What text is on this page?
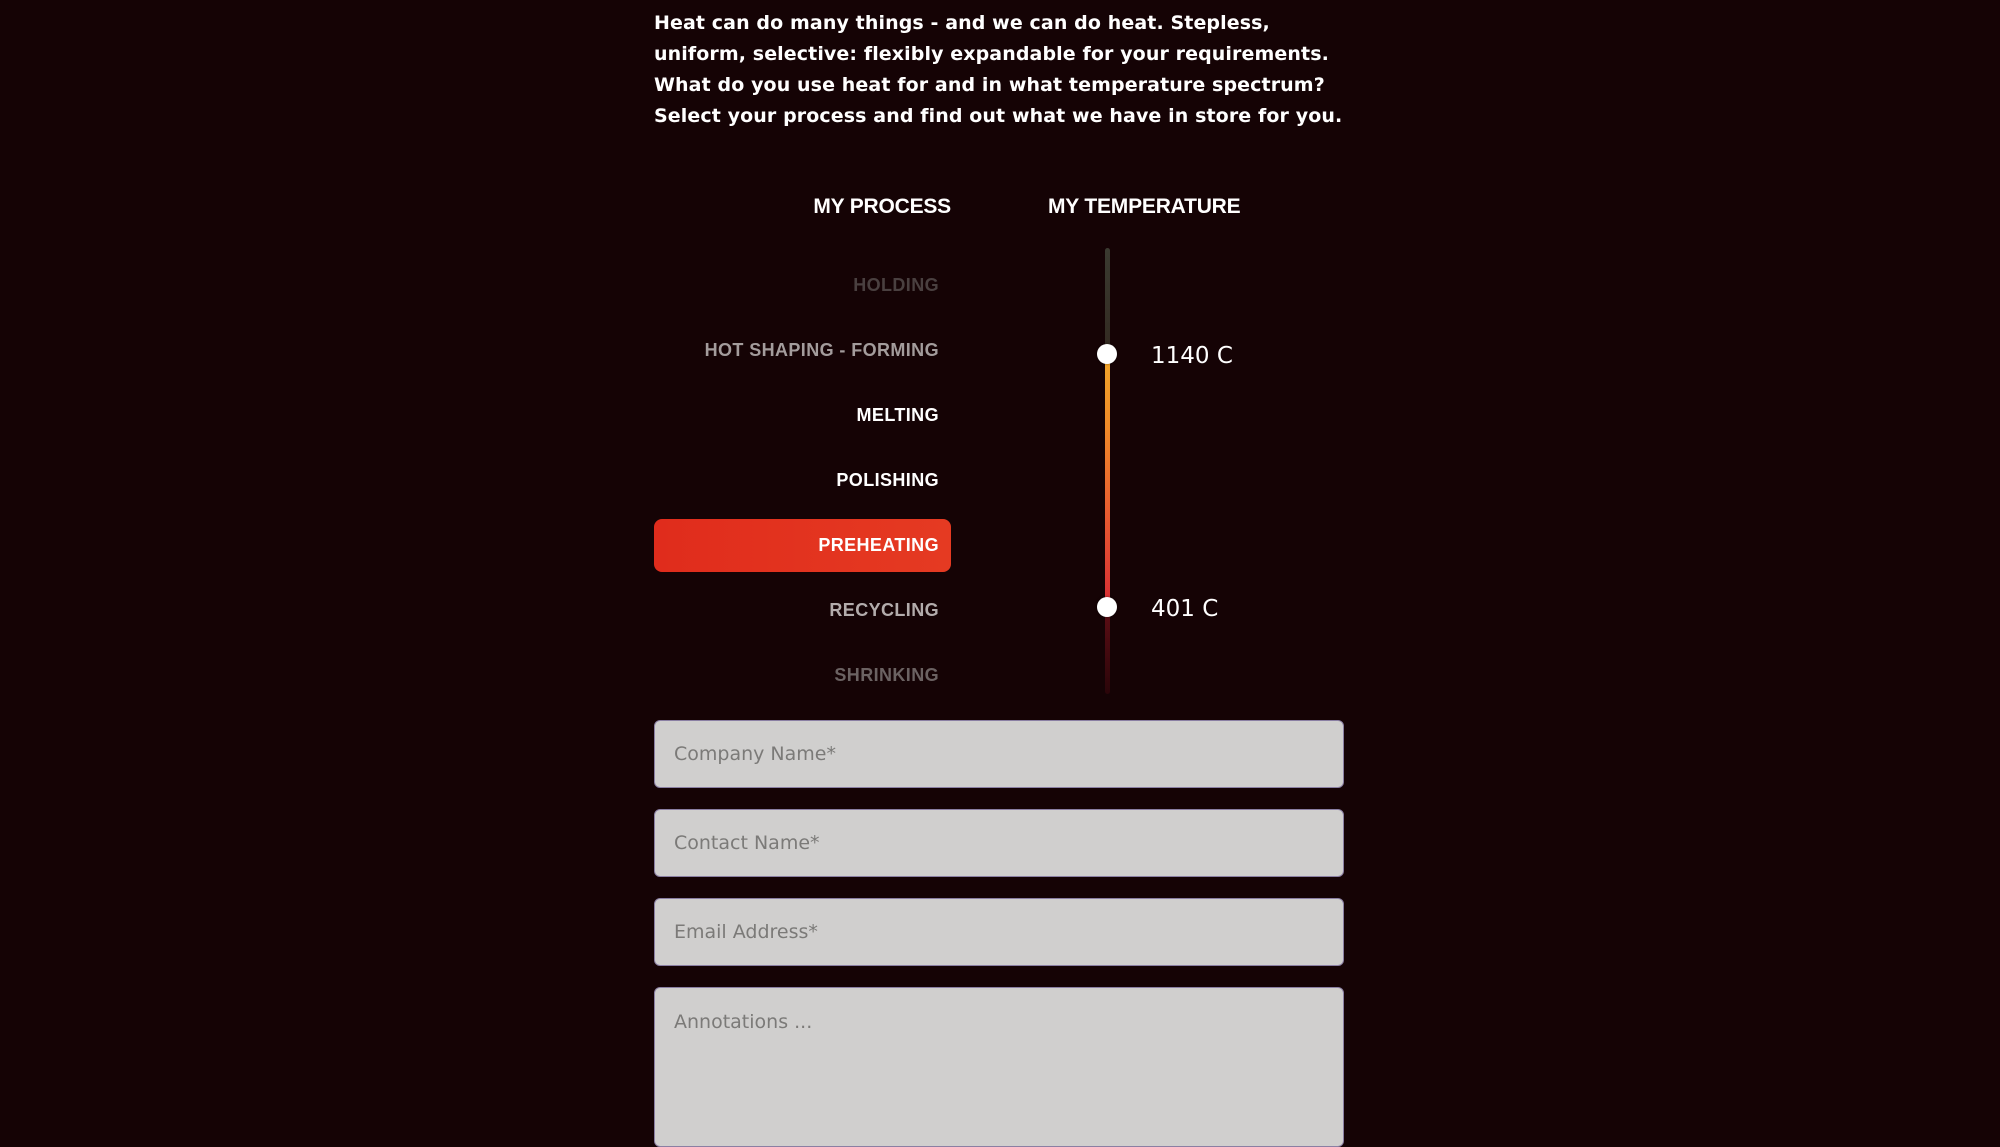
Heat can do many things - and we can do heat. Stepless, uniform, selective: flexibly expandable for your requirements. What do you use heat for and in what temperature spectrum? Select your process and find out what we have in store for you.

MY PROCESS	MY TEMPERATURE
HOLDING
HOT SHAPING - FORMING
MELTING
POLISHING
PREHEATING
RECYCLING
SHRINKING
1140 C
401 C
Company Name*
Contact Name*
Email Address*
Annotations ...
